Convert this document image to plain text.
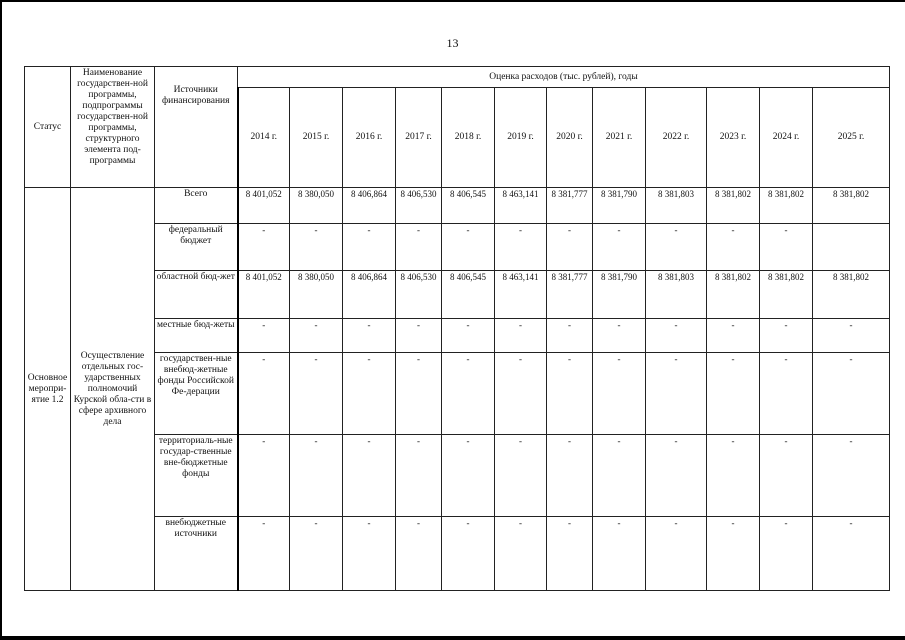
13
Статус	Наименование государствен-ной программы, подпрограммы государствен-ной программы, структурного элемента под-программы	Источники финансирования	Оценка расходов (тыс. рублей), годы											
			2014 г.	2015 г.	2016 г.	2017 г.	2018 г.	2019 г.	2020 г.	2021 г.	2022 г.	2023 г.	2024 г.	2025 г.
Основное меропри-ятие 1.2	Осуществление отдельных гос-ударственных полномочий Курской обла-сти в сфере архивного дела	Всего	8 401,052	8 380,050	8 406,864	8 406,530	8 406,545	8 463,141	8 381,777	8 381,790	8 381,803	8 381,802	8 381,802	8 381,802
		федеральный бюджет	-	-	-	-	-	-	-	-	-	-	-	
		областной бюд-жет	8 401,052	8 380,050	8 406,864	8 406,530	8 406,545	8 463,141	8 381,777	8 381,790	8 381,803	8 381,802	8 381,802	8 381,802
		местные бюд-жеты	-	-	-	-	-	-	-	-	-	-	-	-
		государствен-ные внебюд-жетные фонды Российской Фе-дерации	-	-	-	-	-	-	-	-	-	-	-	-
		территориаль-ные государ-ственные вне-бюджетные фонды	-	-	-	-	-	-	-	-	-	-	-	-
		внебюджетные источники	-	-	-	-	-	-	-	-	-	-	-	-
